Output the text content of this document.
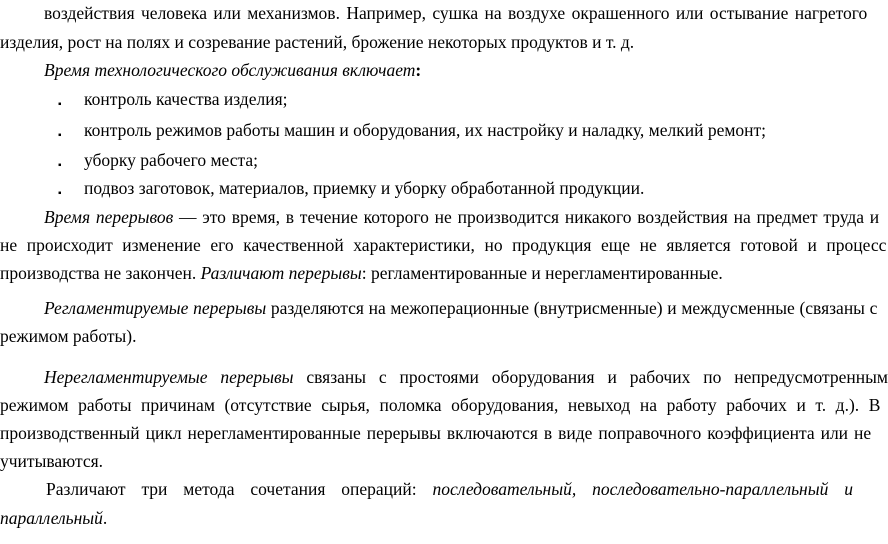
воздействия человека или механизмов. Например, сушка на воздухе окрашенного или остывание нагретого
изделия, рост на полях и созревание растений, брожение некоторых продуктов и т. д.
Время технологического обслуживания включает:
▪ контроль качества изделия;
▪ контроль режимов работы машин и оборудования, их настройку и наладку, мелкий ремонт;
▪ уборку рабочего места;
▪ подвоз заготовок, материалов, приемку и уборку обработанной продукции.
Время перерывов — это время, в течение которого не производится никакого воздействия на предмет труда и
не происходит изменение его качественной характеристики, но продукция еще не является готовой и процесс
производства не закончен. Различают перерывы: регламентированные и нерегламентированные.
Регламентируемые перерывы разделяются на межоперационные (внутрисменные) и междусменные (связаны с
режимом работы).
Нерегламентируемые перерывы связаны с простоями оборудования и рабочих по непредусмотренным
режимом работы причинам (отсутствие сырья, поломка оборудования, невыход на работу рабочих и т. д.). В
производственный цикл нерегламентированные перерывы включаются в виде поправочного коэффициента или не
учитываются.
Различают три метода сочетания операций: последовательный, последовательно-параллельный и
параллельный.
